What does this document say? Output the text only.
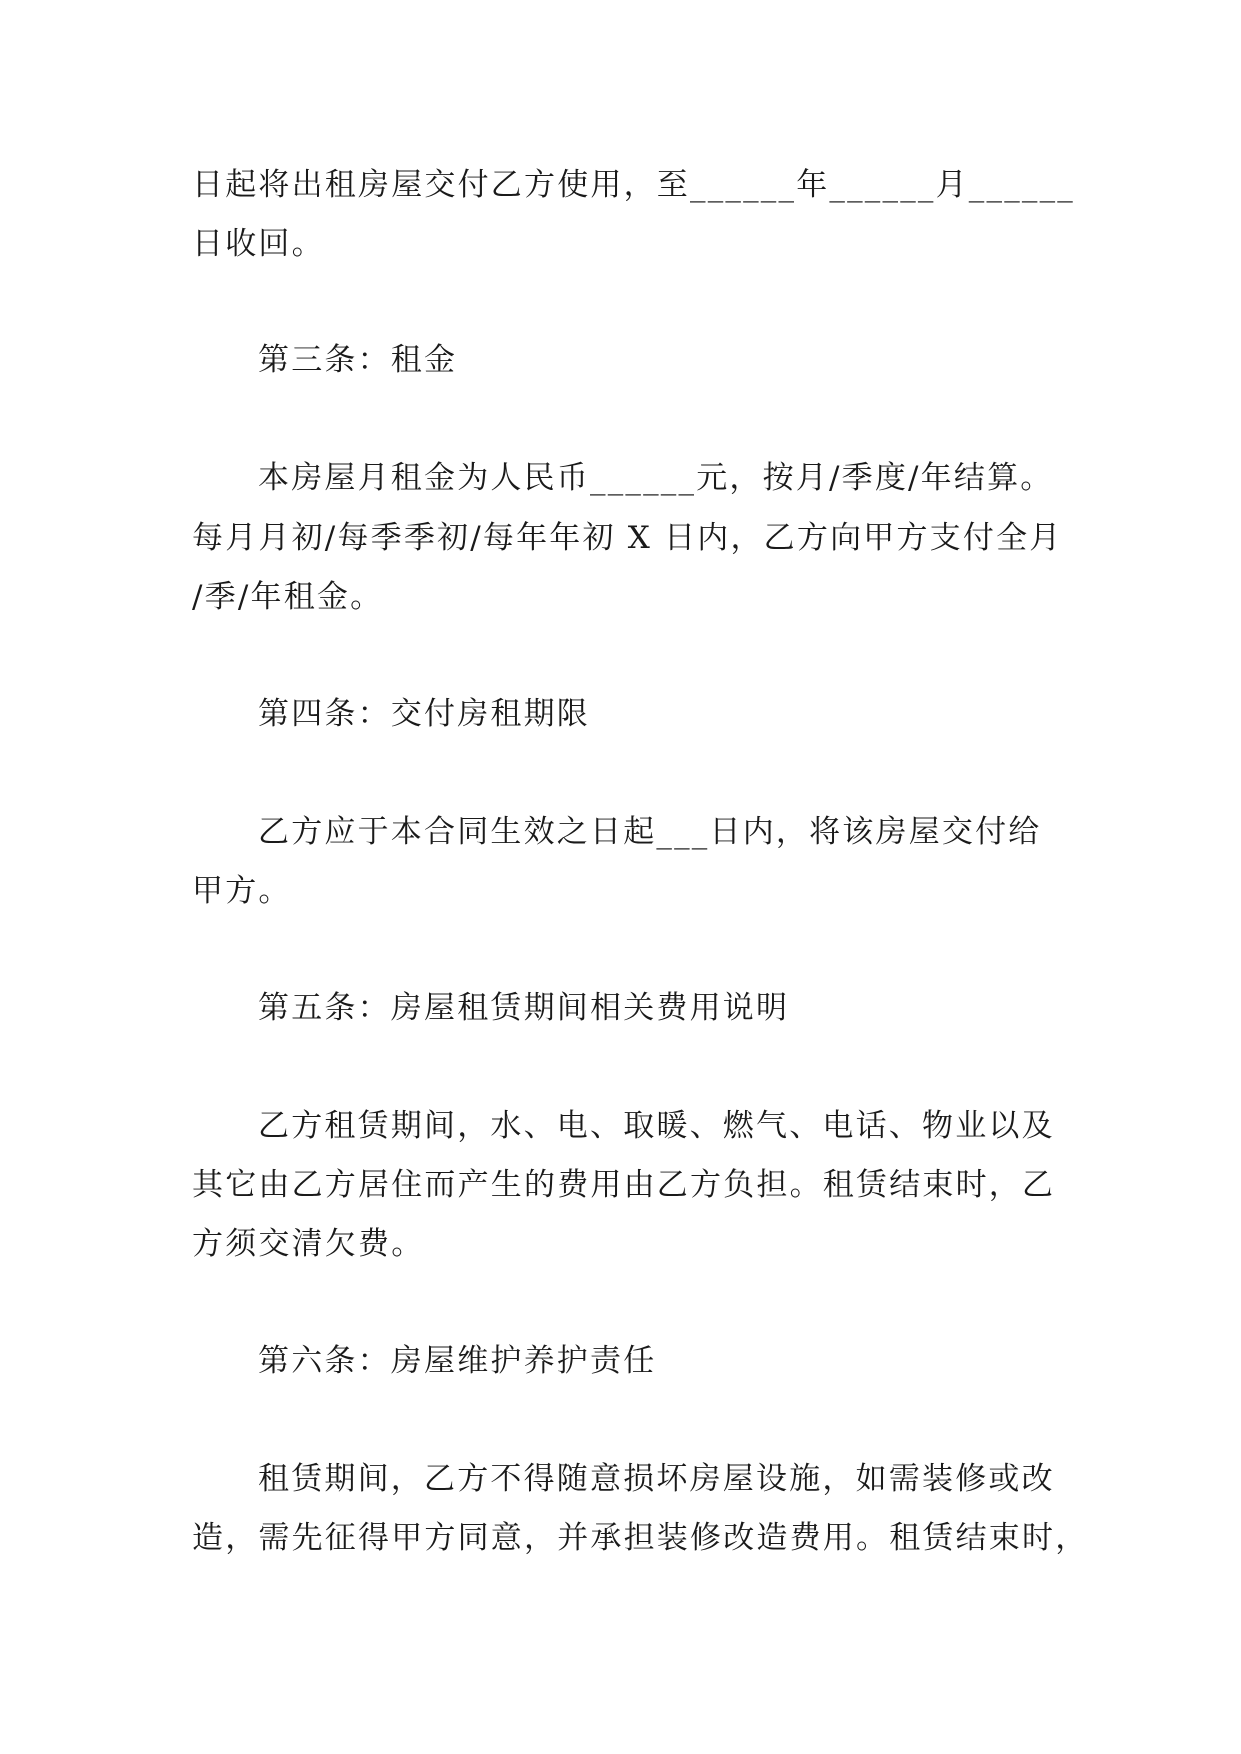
日起将出租房屋交付乙方使用，至______年______月______
日收回。
第三条：租金
本房屋月租金为人民币______元，按月/季度/年结算。
每月月初/每季季初/每年年初 X 日内，乙方向甲方支付全月
/季/年租金。
第四条：交付房租期限
乙方应于本合同生效之日起___日内，将该房屋交付给
甲方。
第五条：房屋租赁期间相关费用说明
乙方租赁期间，水、电、取暖、燃气、电话、物业以及
其它由乙方居住而产生的费用由乙方负担。租赁结束时，乙
方须交清欠费。
第六条：房屋维护养护责任
租赁期间，乙方不得随意损坏房屋设施，如需装修或改
造，需先征得甲方同意，并承担装修改造费用。租赁结束时，
